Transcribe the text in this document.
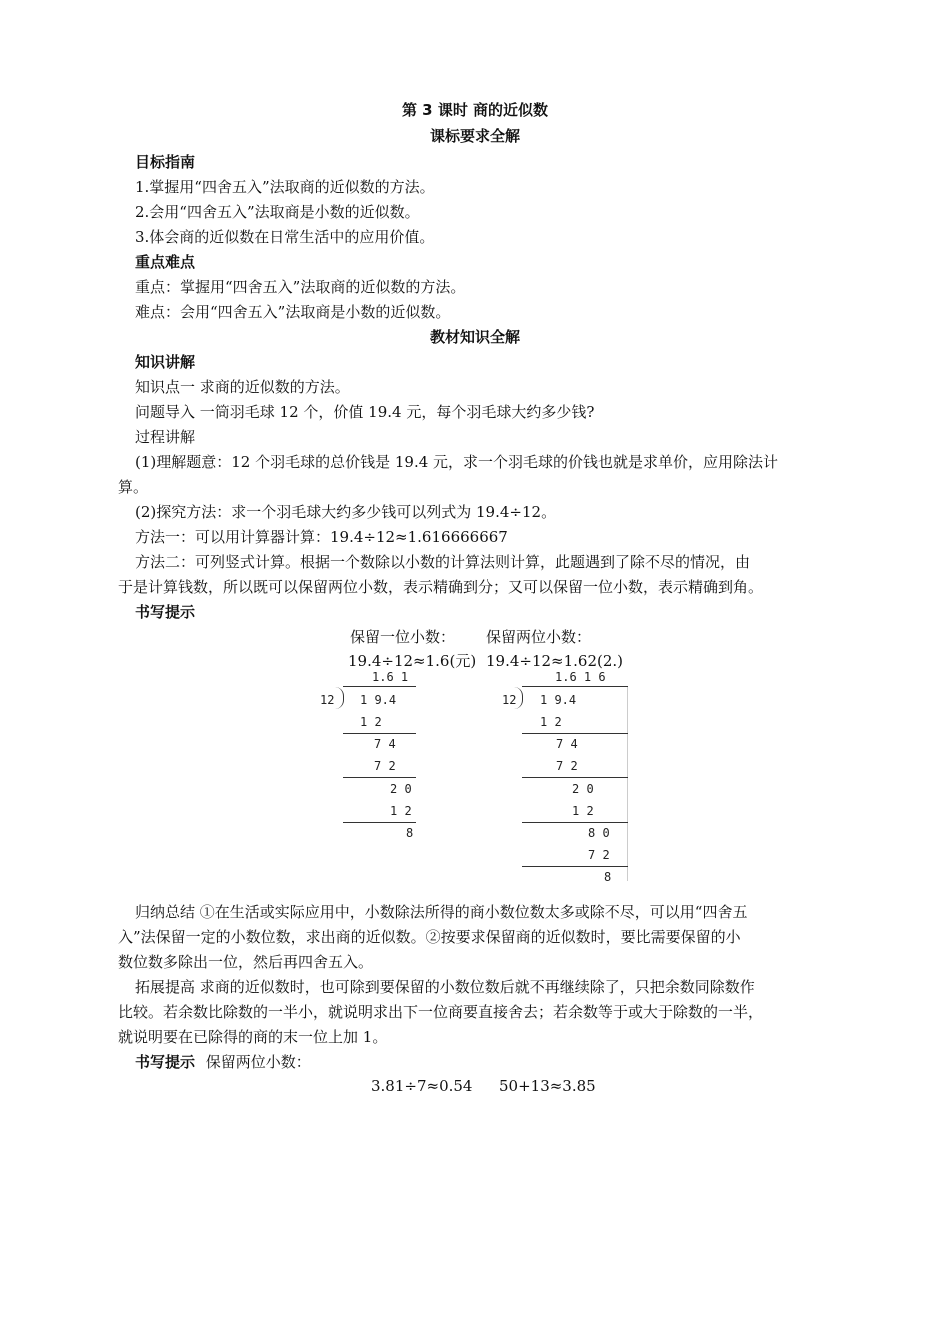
第 3 课时 商的近似数
课标要求全解
目标指南
1.掌握用“四舍五入”法取商的近似数的方法。
2.会用“四舍五入”法取商是小数的近似数。
3.体会商的近似数在日常生活中的应用价值。
重点难点
重点：掌握用“四舍五入”法取商的近似数的方法。
难点：会用“四舍五入”法取商是小数的近似数。
教材知识全解
知识讲解
知识点一 求商的近似数的方法。
问题导入 一筒羽毛球 12 个，价值 19.4 元，每个羽毛球大约多少钱?
过程讲解
(1)理解题意：12 个羽毛球的总价钱是 19.4 元，求一个羽毛球的价钱也就是求单价，应用除法计
算。
(2)探究方法：求一个羽毛球大约多少钱可以列式为 19.4÷12。
方法一：可以用计算器计算：19.4÷12≈1.616666667
方法二：可列竖式计算。根据一个数除以小数的计算法则计算，此题遇到了除不尽的情况，由
于是计算钱数，所以既可以保留两位小数，表示精确到分；又可以保留一位小数，表示精确到角。
书写提示
保留一位小数： 保留两位小数：
19.4÷12≈1.6(元) 19.4÷12≈1.62(2.)
1.6 1
12 1 9.4
1 2
7 4
7 2
2 0
1 2
8
1.6 1 6
12 1 9.4
1 2
7 4
7 2
2 0
1 2
8 0
7 2
8
归纳总结 ①在生活或实际应用中，小数除法所得的商小数位数太多或除不尽，可以用“四舍五
入”法保留一定的小数位数，求出商的近似数。②按要求保留商的近似数时，要比需要保留的小
数位数多除出一位，然后再四舍五入。
拓展提高 求商的近似数时，也可除到要保留的小数位数后就不再继续除了，只把余数同除数作
比较。若余数比除数的一半小，就说明求出下一位商要直接舍去；若余数等于或大于除数的一半，
就说明要在已除得的商的末一位上加 1。
书写提示 保留两位小数：
3.81÷7≈0.54 50+13≈3.85
